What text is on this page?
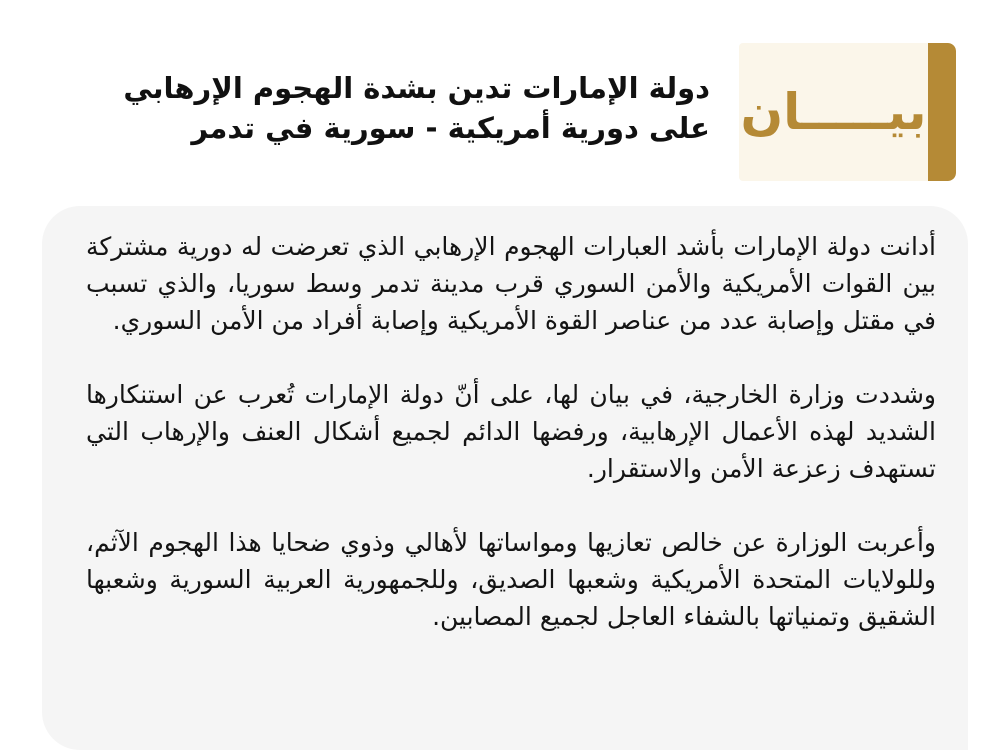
بيـــــان
دولة الإمارات تدين بشدة الهجوم الإرهابي على دورية أمريكية - سورية في تدمر

أدانت دولة الإمارات بأشد العبارات الهجوم الإرهابي الذي تعرضت له دورية مشتركة بين القوات الأمريكية والأمن السوري قرب مدينة تدمر وسط سوريا، والذي تسبب في مقتل وإصابة عدد من عناصر القوة الأمريكية وإصابة أفراد من الأمن السوري.

وشددت وزارة الخارجية، في بيان لها، على أنّ دولة الإمارات تُعرب عن استنكارها الشديد لهذه الأعمال الإرهابية، ورفضها الدائم لجميع أشكال العنف والإرهاب التي تستهدف زعزعة الأمن والاستقرار.

وأعربت الوزارة عن خالص تعازيها ومواساتها لأهالي وذوي ضحايا هذا الهجوم الآثم، وللولايات المتحدة الأمريكية وشعبها الصديق، وللجمهورية العربية السورية وشعبها الشقيق وتمنياتها بالشفاء العاجل لجميع المصابين.
